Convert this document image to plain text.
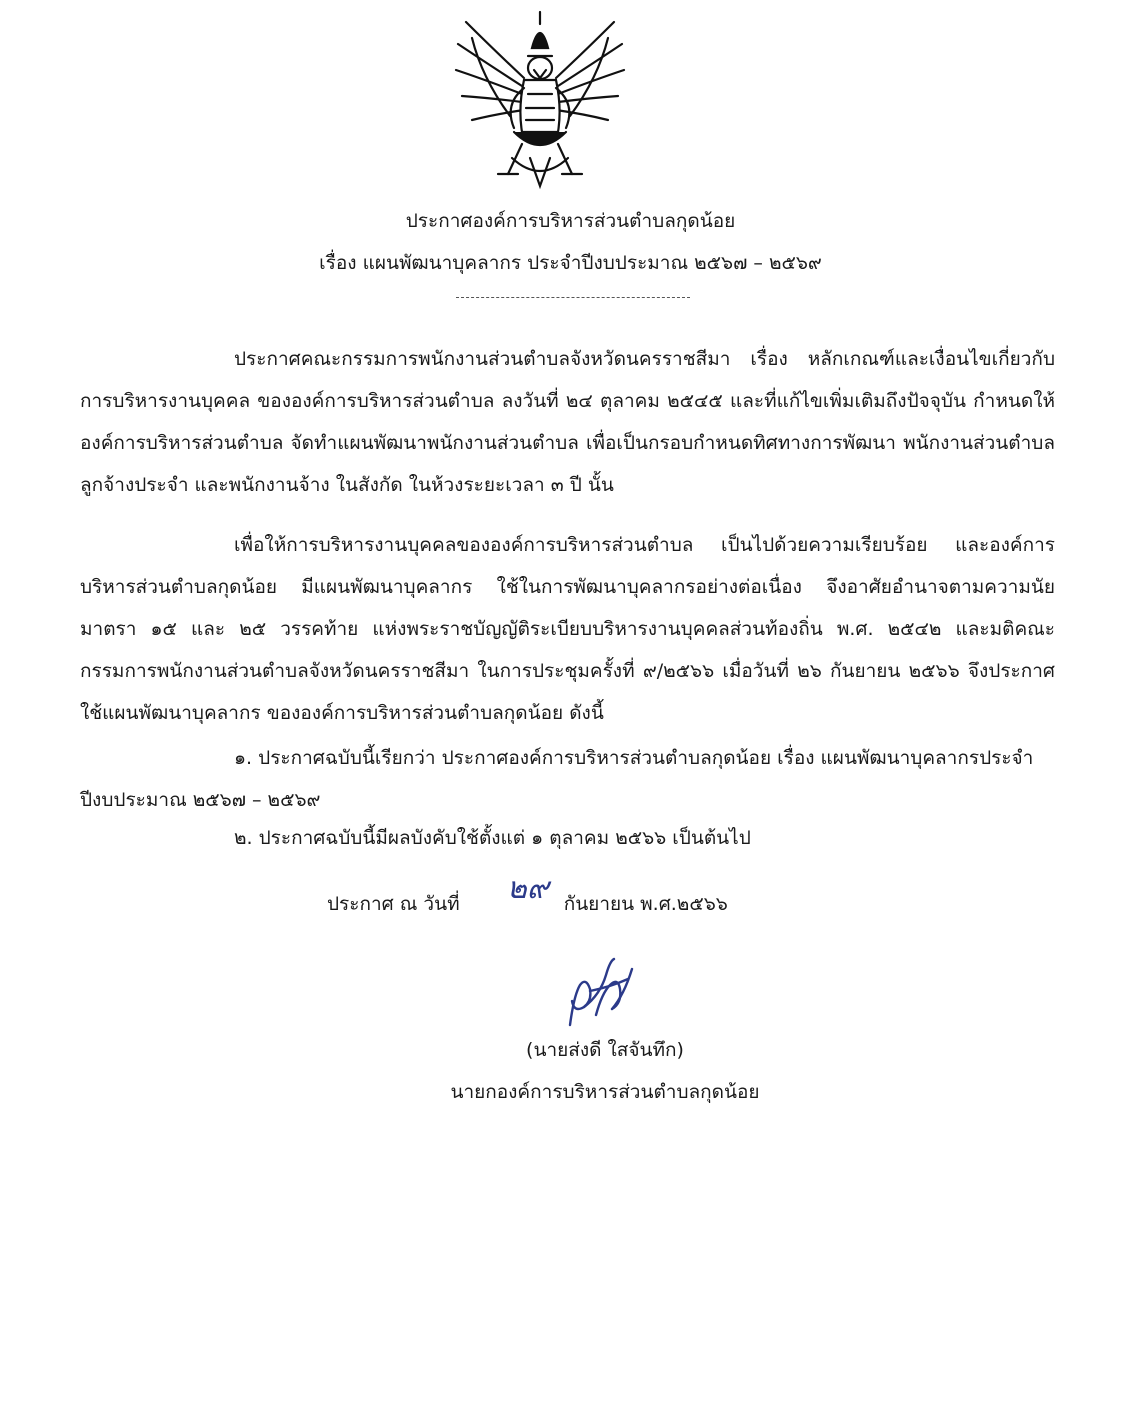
ประกาศองค์การบริหารส่วนตำบลกุดน้อย
เรื่อง แผนพัฒนาบุคลากร ประจำปีงบประมาณ ๒๕๖๗ – ๒๕๖๙
ประกาศคณะกรรมการพนักงานส่วนตำบลจังหวัดนครราชสีมา เรื่อง หลักเกณฑ์และเงื่อนไขเกี่ยวกับการบริหารงานบุคคล ขององค์การบริหารส่วนตำบล ลงวันที่ ๒๔ ตุลาคม ๒๕๔๕ และที่แก้ไขเพิ่มเติมถึงปัจจุบัน กำหนดให้องค์การบริหารส่วนตำบล จัดทำแผนพัฒนาพนักงานส่วนตำบล เพื่อเป็นกรอบกำหนดทิศทางการพัฒนา พนักงานส่วนตำบล ลูกจ้างประจำ และพนักงานจ้าง ในสังกัด ในห้วงระยะเวลา ๓ ปี นั้น
เพื่อให้การบริหารงานบุคคลขององค์การบริหารส่วนตำบล เป็นไปด้วยความเรียบร้อย และองค์การบริหารส่วนตำบลกุดน้อย มีแผนพัฒนาบุคลากร ใช้ในการพัฒนาบุคลากรอย่างต่อเนื่อง จึงอาศัยอำนาจตามความนัยมาตรา ๑๕ และ ๒๕ วรรคท้าย แห่งพระราชบัญญัติระเบียบบริหารงานบุคคลส่วนท้องถิ่น พ.ศ. ๒๕๔๒ และมติคณะกรรมการพนักงานส่วนตำบลจังหวัดนครราชสีมา ในการประชุมครั้งที่ ๙/๒๕๖๖ เมื่อวันที่ ๒๖ กันยายน ๒๕๖๖ จึงประกาศใช้แผนพัฒนาบุคลากร ขององค์การบริหารส่วนตำบลกุดน้อย ดังนี้
๑. ประกาศฉบับนี้เรียกว่า ประกาศองค์การบริหารส่วนตำบลกุดน้อย เรื่อง แผนพัฒนาบุคลากรประจำปีงบประมาณ ๒๕๖๗ – ๒๕๖๙
๒. ประกาศฉบับนี้มีผลบังคับใช้ตั้งแต่ ๑ ตุลาคม ๒๕๖๖ เป็นต้นไป
ประกาศ ณ วันที่	กันยายน พ.ศ.๒๕๖๖
๒๙
(นายส่งดี ใสจันทึก)
นายกองค์การบริหารส่วนตำบลกุดน้อย
